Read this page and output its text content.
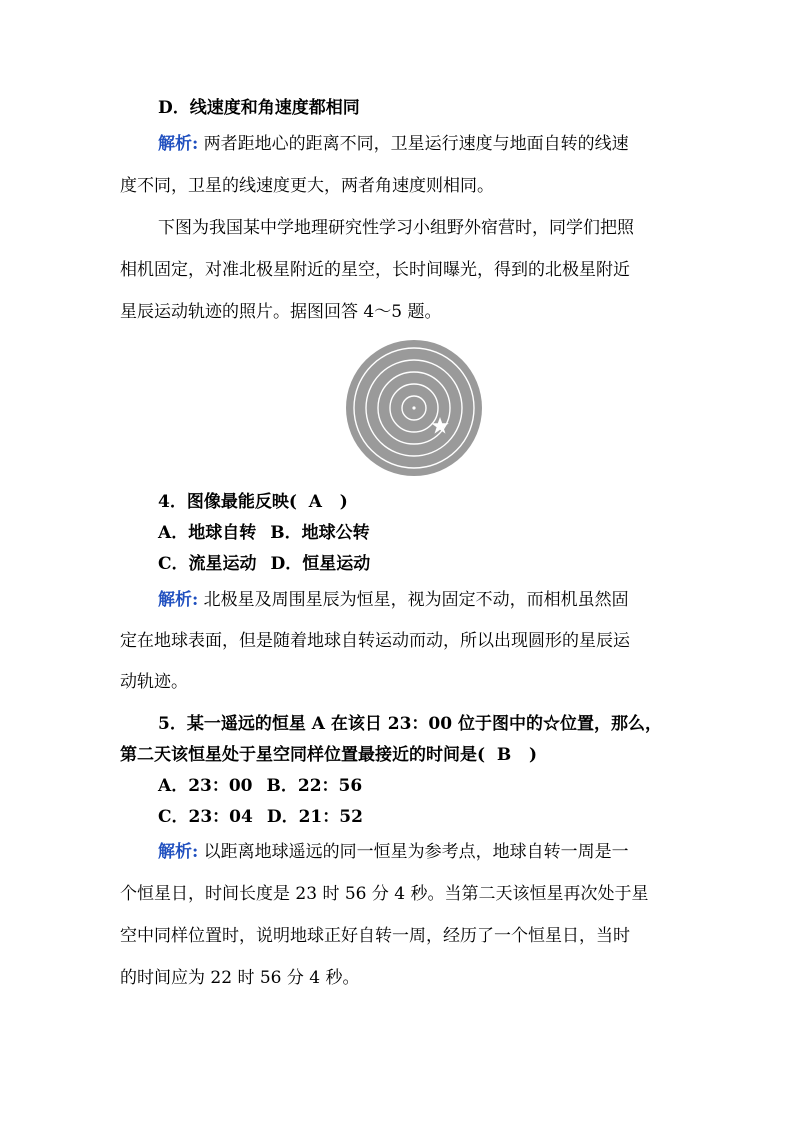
D．线速度和角速度都相同
解析: 两者距地心的距离不同，卫星运行速度与地面自转的线速
度不同，卫星的线速度更大，两者角速度则相同。
下图为我国某中学地理研究性学习小组野外宿营时，同学们把照
相机固定，对准北极星附近的星空，长时间曝光，得到的北极星附近
星辰运动轨迹的照片。据图回答 4～5 题。
4．图像最能反映( A )
A．地球自转 B．地球公转
C．流星运动 D．恒星运动
解析: 北极星及周围星辰为恒星，视为固定不动，而相机虽然固
定在地球表面，但是随着地球自转运动而动，所以出现圆形的星辰运
动轨迹。
5．某一遥远的恒星 A 在该日 23：00 位于图中的☆位置，那么，
第二天该恒星处于星空同样位置最接近的时间是( B )
A．23：00 B．22：56
C．23：04 D．21：52
解析: 以距离地球遥远的同一恒星为参考点，地球自转一周是一
个恒星日，时间长度是 23 时 56 分 4 秒。当第二天该恒星再次处于星
空中同样位置时，说明地球正好自转一周，经历了一个恒星日，当时
的时间应为 22 时 56 分 4 秒。
